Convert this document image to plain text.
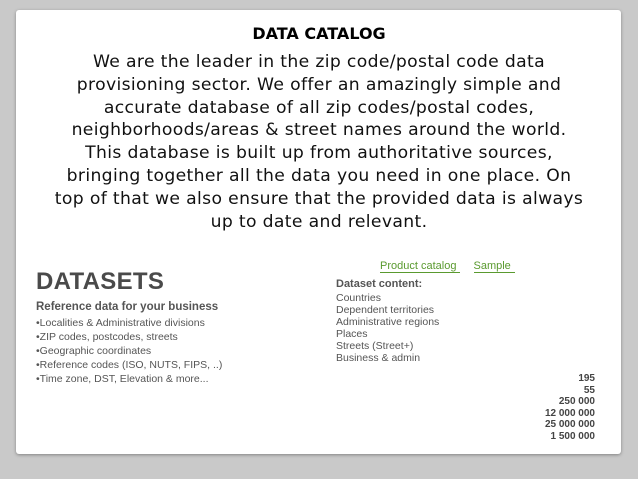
DATA CATALOG

We are the leader in the zip code/postal code data
provisioning sector. We offer an amazingly simple and
accurate database of all zip codes/postal codes,
neighborhoods/areas & street names around the world.
This database is built up from authoritative sources,
bringing together all the data you need in one place. On
top of that we also ensure that the provided data is always
up to date and relevant.

Product catalog Sample
DATASETS
Reference data for your business
•Localities & Administrative divisions
•ZIP codes, postcodes, streets
•Geographic coordinates
•Reference codes (ISO, NUTS, FIPS, ..)
•Time zone, DST, Elevation & more...
Dataset content:
Countries
Dependent territories
Administrative regions
Places
Streets (Street+)
Business & admin
195
55
250 000
12 000 000
25 000 000
1 500 000
